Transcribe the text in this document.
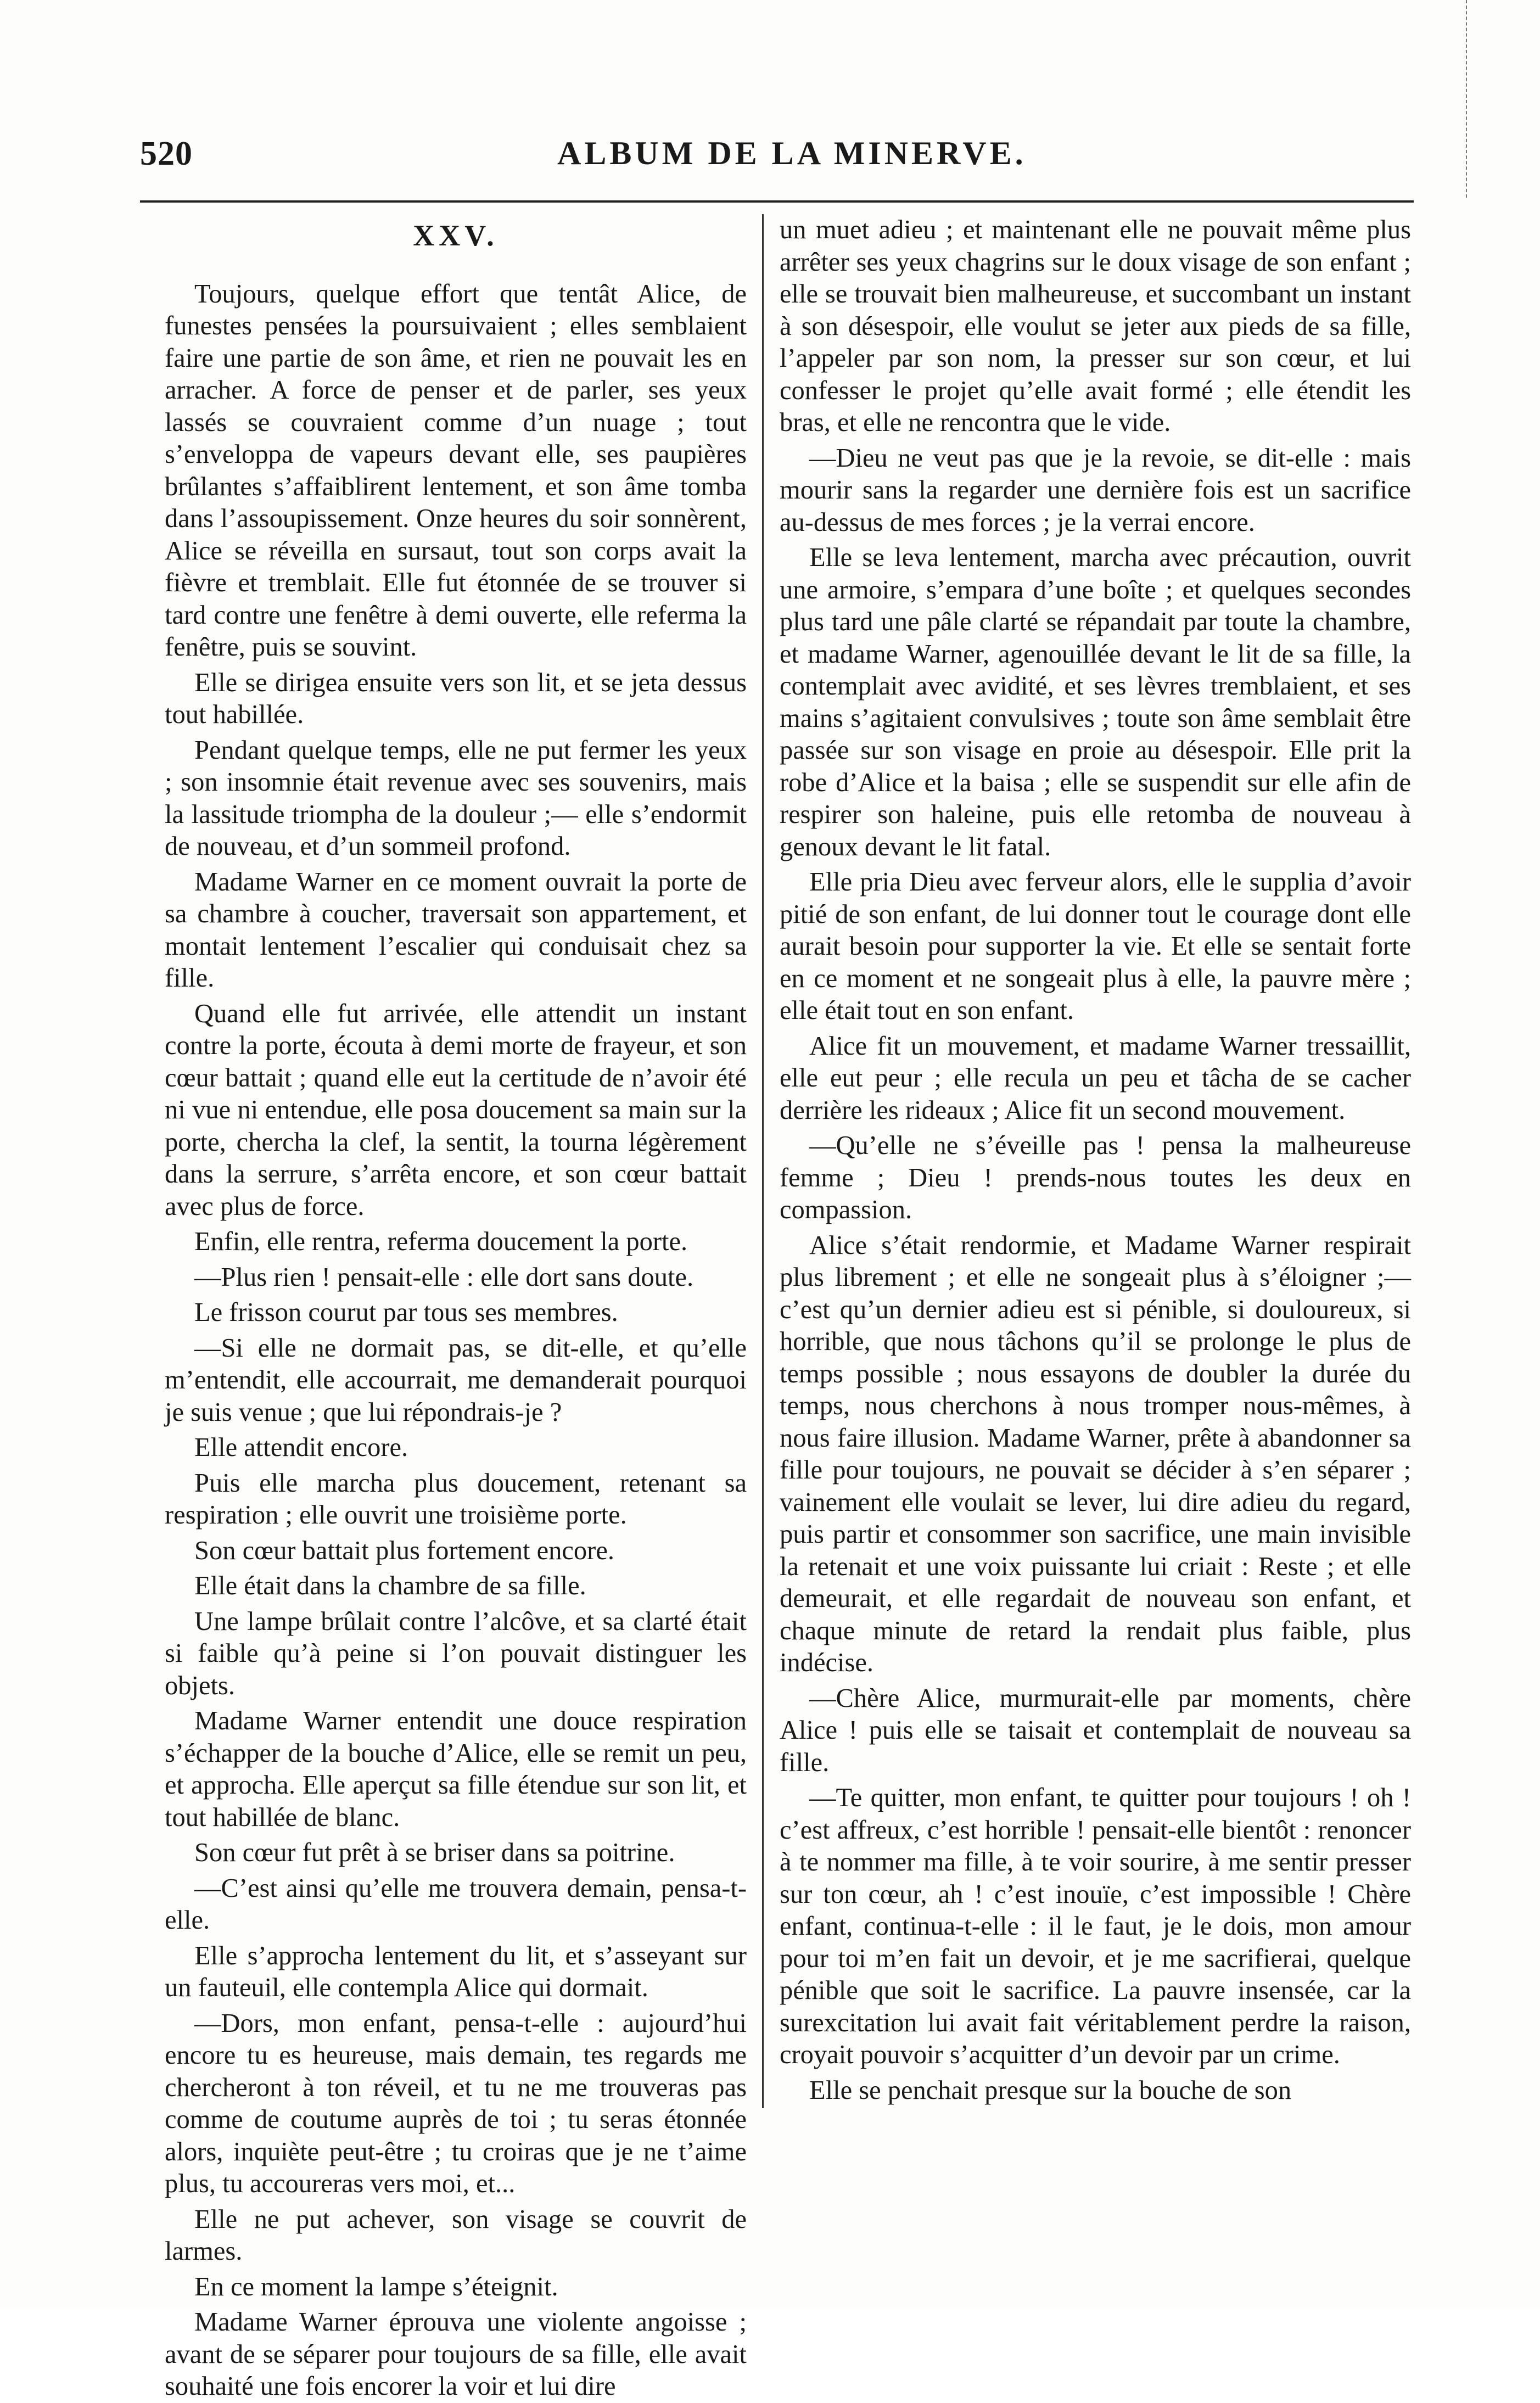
520	ALBUM DE LA MINERVE.
XXV.

Toujours, quelque effort que tentât Alice, de funestes pensées la poursuivaient ; elles semblaient faire une partie de son âme, et rien ne pouvait les en arracher. A force de penser et de parler, ses yeux lassés se couvraient comme d’un nuage ; tout s’enveloppa de vapeurs devant elle, ses paupières brûlantes s’affaiblirent lentement, et son âme tomba dans l’assoupissement. Onze heures du soir sonnèrent, Alice se réveilla en sursaut, tout son corps avait la fièvre et tremblait. Elle fut étonnée de se trouver si tard contre une fenêtre à demi ouverte, elle referma la fenêtre, puis se souvint.

Elle se dirigea ensuite vers son lit, et se jeta dessus tout habillée.

Pendant quelque temps, elle ne put fermer les yeux ; son insomnie était revenue avec ses souvenirs, mais la lassitude triompha de la douleur ;— elle s’endormit de nouveau, et d’un sommeil profond.

Madame Warner en ce moment ouvrait la porte de sa chambre à coucher, traversait son appartement, et montait lentement l’escalier qui conduisait chez sa fille.

Quand elle fut arrivée, elle attendit un instant contre la porte, écouta à demi morte de frayeur, et son cœur battait ; quand elle eut la certitude de n’avoir été ni vue ni entendue, elle posa doucement sa main sur la porte, chercha la clef, la sentit, la tourna légèrement dans la serrure, s’arrêta encore, et son cœur battait avec plus de force.

Enfin, elle rentra, referma doucement la porte.

—Plus rien ! pensait-elle : elle dort sans doute.

Le frisson courut par tous ses membres.

—Si elle ne dormait pas, se dit-elle, et qu’elle m’entendit, elle accourrait, me demanderait pourquoi je suis venue ; que lui répondrais-je ?

Elle attendit encore.

Puis elle marcha plus doucement, retenant sa respiration ; elle ouvrit une troisième porte.

Son cœur battait plus fortement encore.

Elle était dans la chambre de sa fille.

Une lampe brûlait contre l’alcôve, et sa clarté était si faible qu’à peine si l’on pouvait distinguer les objets.

Madame Warner entendit une douce respiration s’échapper de la bouche d’Alice, elle se remit un peu, et approcha. Elle aperçut sa fille étendue sur son lit, et tout habillée de blanc.

Son cœur fut prêt à se briser dans sa poitrine.

—C’est ainsi qu’elle me trouvera demain, pensa-t-elle.

Elle s’approcha lentement du lit, et s’asseyant sur un fauteuil, elle contempla Alice qui dormait.

—Dors, mon enfant, pensa-t-elle : aujourd’hui encore tu es heureuse, mais demain, tes regards me chercheront à ton réveil, et tu ne me trouveras pas comme de coutume auprès de toi ; tu seras étonnée alors, inquiète peut-être ; tu croiras que je ne t’aime plus, tu accoureras vers moi, et...

Elle ne put achever, son visage se couvrit de larmes.

En ce moment la lampe s’éteignit.

Madame Warner éprouva une violente angoisse ; avant de se séparer pour toujours de sa fille, elle avait souhaité une fois encorer la voir et lui dire

un muet adieu ; et maintenant elle ne pouvait même plus arrêter ses yeux chagrins sur le doux visage de son enfant ; elle se trouvait bien malheureuse, et succombant un instant à son désespoir, elle voulut se jeter aux pieds de sa fille, l’appeler par son nom, la presser sur son cœur, et lui confesser le projet qu’elle avait formé ; elle étendit les bras, et elle ne rencontra que le vide.

—Dieu ne veut pas que je la revoie, se dit-elle : mais mourir sans la regarder une dernière fois est un sacrifice au-dessus de mes forces ; je la verrai encore.

Elle se leva lentement, marcha avec précaution, ouvrit une armoire, s’empara d’une boîte ; et quelques secondes plus tard une pâle clarté se répandait par toute la chambre, et madame Warner, agenouillée devant le lit de sa fille, la contemplait avec avidité, et ses lèvres tremblaient, et ses mains s’agitaient convulsives ; toute son âme semblait être passée sur son visage en proie au désespoir. Elle prit la robe d’Alice et la baisa ; elle se suspendit sur elle afin de respirer son haleine, puis elle retomba de nouveau à genoux devant le lit fatal.

Elle pria Dieu avec ferveur alors, elle le supplia d’avoir pitié de son enfant, de lui donner tout le courage dont elle aurait besoin pour supporter la vie. Et elle se sentait forte en ce moment et ne songeait plus à elle, la pauvre mère ; elle était tout en son enfant.

Alice fit un mouvement, et madame Warner tressaillit, elle eut peur ; elle recula un peu et tâcha de se cacher derrière les rideaux ; Alice fit un second mouvement.

—Qu’elle ne s’éveille pas ! pensa la malheureuse femme ; Dieu ! prends-nous toutes les deux en compassion.

Alice s’était rendormie, et Madame Warner respirait plus librement ; et elle ne songeait plus à s’éloigner ;—c’est qu’un dernier adieu est si pénible, si douloureux, si horrible, que nous tâchons qu’il se prolonge le plus de temps possible ; nous essayons de doubler la durée du temps, nous cherchons à nous tromper nous-mêmes, à nous faire illusion. Madame Warner, prête à abandonner sa fille pour toujours, ne pouvait se décider à s’en séparer ; vainement elle voulait se lever, lui dire adieu du regard, puis partir et consommer son sacrifice, une main invisible la retenait et une voix puissante lui criait : Reste ; et elle demeurait, et elle regardait de nouveau son enfant, et chaque minute de retard la rendait plus faible, plus indécise.

—Chère Alice, murmurait-elle par moments, chère Alice ! puis elle se taisait et contemplait de nouveau sa fille.

—Te quitter, mon enfant, te quitter pour toujours ! oh ! c’est affreux, c’est horrible ! pensait-elle bientôt : renoncer à te nommer ma fille, à te voir sourire, à me sentir presser sur ton cœur, ah ! c’est inouïe, c’est impossible ! Chère enfant, continua-t-elle : il le faut, je le dois, mon amour pour toi m’en fait un devoir, et je me sacrifierai, quelque pénible que soit le sacrifice. La pauvre insensée, car la surexcitation lui avait fait véritablement perdre la raison, croyait pouvoir s’acquitter d’un devoir par un crime.

Elle se penchait presque sur la bouche de son
